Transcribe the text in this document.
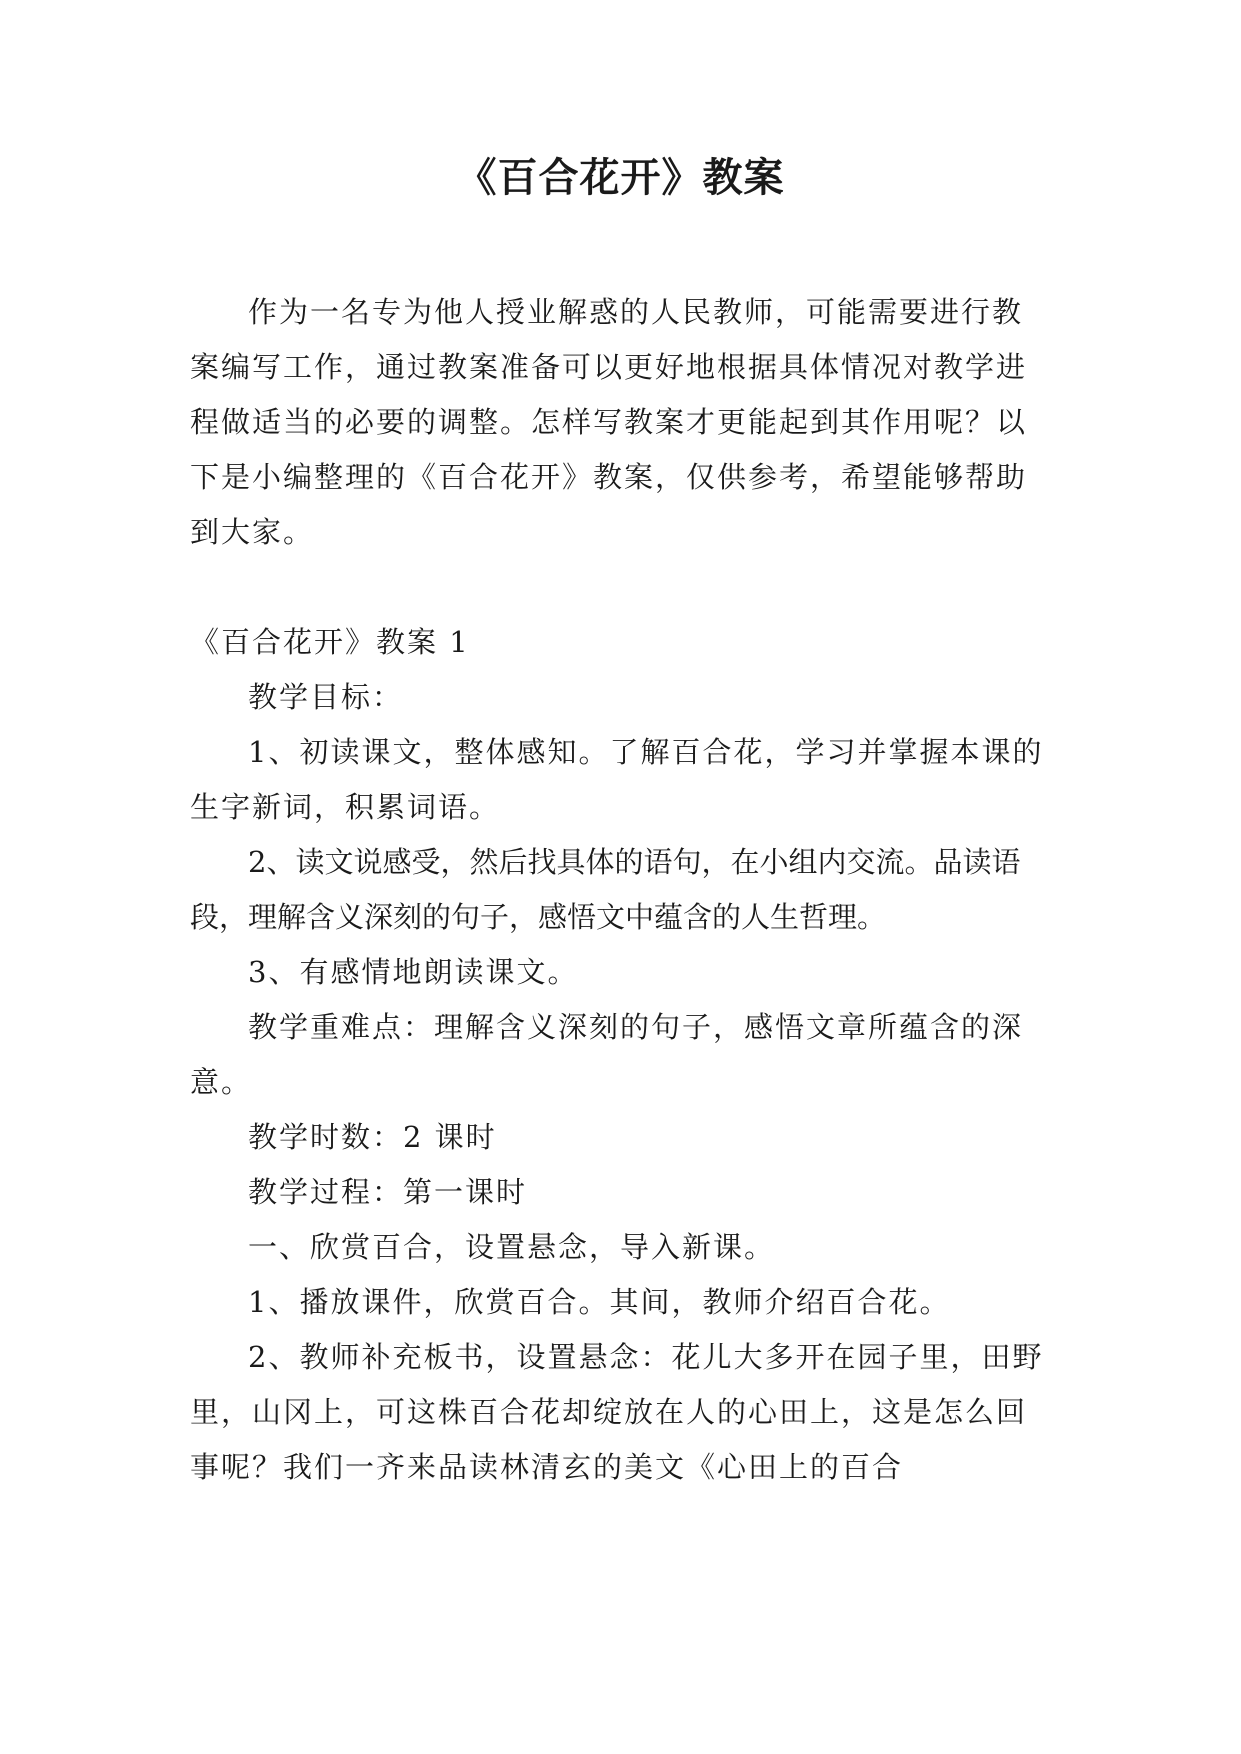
《百合花开》教案

作为一名专为他人授业解惑的人民教师，可能需要进行教案编写工作，通过教案准备可以更好地根据具体情况对教学进程做适当的必要的调整。怎样写教案才更能起到其作用呢？以下是小编整理的《百合花开》教案，仅供参考，希望能够帮助到大家。

《百合花开》教案 1

教学目标：

1、初读课文，整体感知。了解百合花，学习并掌握本课的生字新词，积累词语。

2、读文说感受，然后找具体的语句，在小组内交流。品读语段，理解含义深刻的句子，感悟文中蕴含的人生哲理。

3、有感情地朗读课文。

教学重难点：理解含义深刻的句子，感悟文章所蕴含的深意。

教学时数：2 课时

教学过程：第一课时

一、欣赏百合，设置悬念，导入新课。

1、播放课件，欣赏百合。其间，教师介绍百合花。

2、教师补充板书，设置悬念：花儿大多开在园子里，田野里，山冈上，可这株百合花却绽放在人的心田上，这是怎么回事呢？我们一齐来品读林清玄的美文《心田上的百合
